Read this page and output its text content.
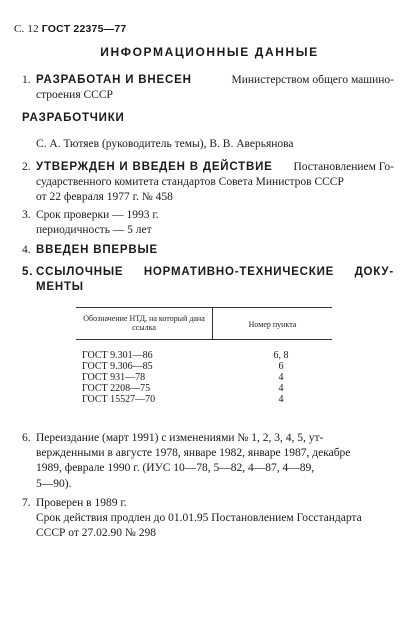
С. 12 ГОСТ 22375—77
ИНФОРМАЦИОННЫЕ ДАННЫЕ
1. РАЗРАБОТАН И ВНЕСЕН	Министерством общего машино-
строения СССР
РАЗРАБОТЧИКИ
С. А. Тютяев (руководитель темы), В. В. Аверьянова
2. УТВЕРЖДЕН И ВВЕДЕН В ДЕЙСТВИЕ Постановлением Го-
сударственного комитета стандартов Совета Министров СССР
от 22 февраля 1977 г. № 458
3. Срок проверки — 1993 г.
периодичность — 5 лет
4. ВВЕДЕН ВПЕРВЫЕ
5. ССЫЛОЧНЫЕ НОРМАТИВНО-ТЕХНИЧЕСКИЕ ДОКУ-
МЕНТЫ
Обозначение НТД, на который дана ссылка	Номер пункта
ГОСТ 9.301—86	6, 8
ГОСТ 9.306—85	6
ГОСТ 931—78	4
ГОСТ 2208—75	4
ГОСТ 15527—70	4
6. Переиздание (март 1991) с изменениями № 1, 2, 3, 4, 5, ут-
вержденными в августе 1978, январе 1982, январе 1987, декабре
1989, феврале 1990 г. (ИУС 10—78, 5—82, 4—87, 4—89,
5—90).
7. Проверен в 1989 г.
Срок действия продлен до 01.01.95 Постановлением Госстандарта
СССР от 27.02.90 № 298
